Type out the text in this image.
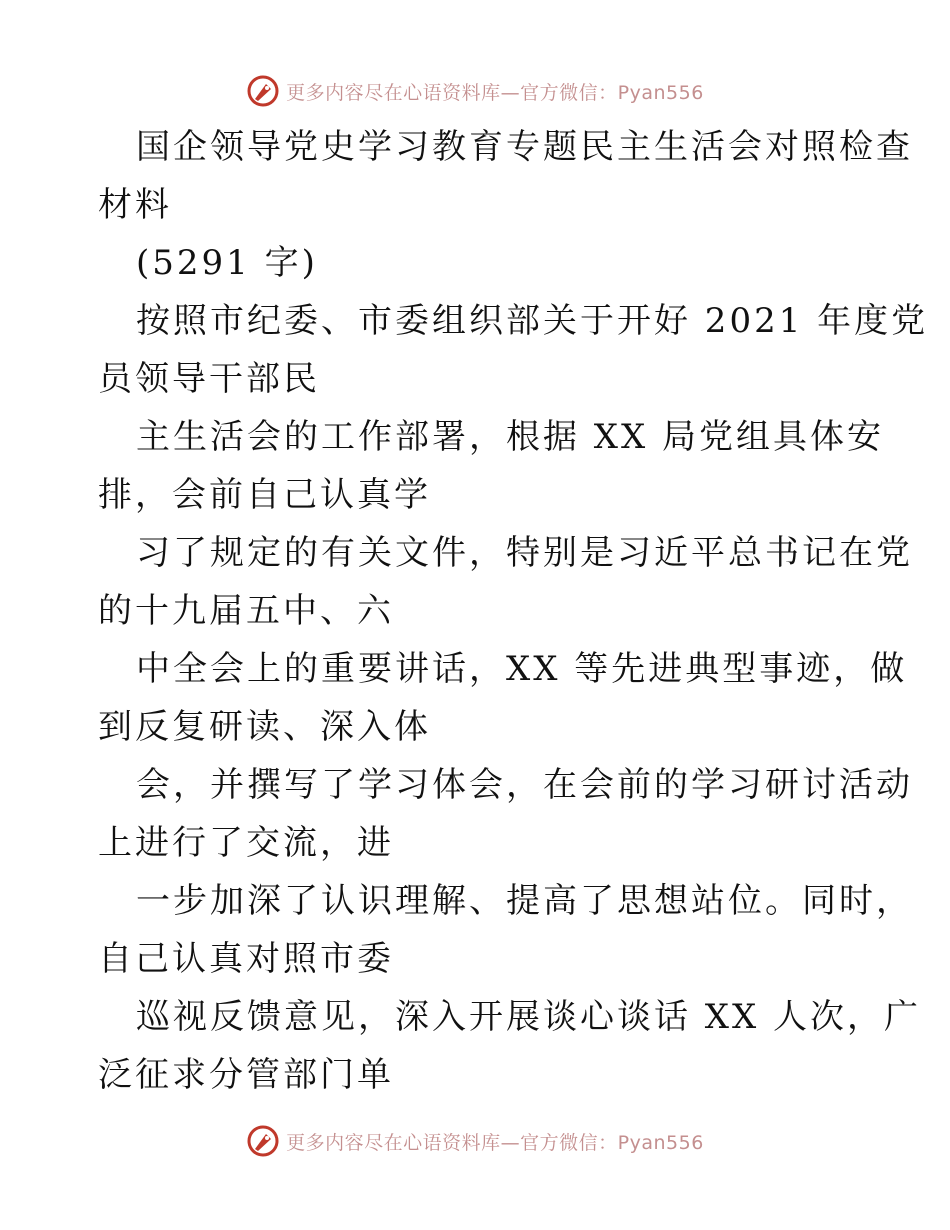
更多内容尽在心语资料库—官方微信：Pyan556
国企领导党史学习教育专题民主生活会对照检查
材料
(5291 字)
按照市纪委、市委组织部关于开好 2021 年度党
员领导干部民
主生活会的工作部署，根据 XX 局党组具体安
排，会前自己认真学
习了规定的有关文件，特别是习近平总书记在党
的十九届五中、六
中全会上的重要讲话，XX 等先进典型事迹，做
到反复研读、深入体
会，并撰写了学习体会，在会前的学习研讨活动
上进行了交流，进
一步加深了认识理解、提高了思想站位。同时，
自己认真对照市委
巡视反馈意见，深入开展谈心谈话 XX 人次，广
泛征求分管部门单
更多内容尽在心语资料库—官方微信：Pyan556
